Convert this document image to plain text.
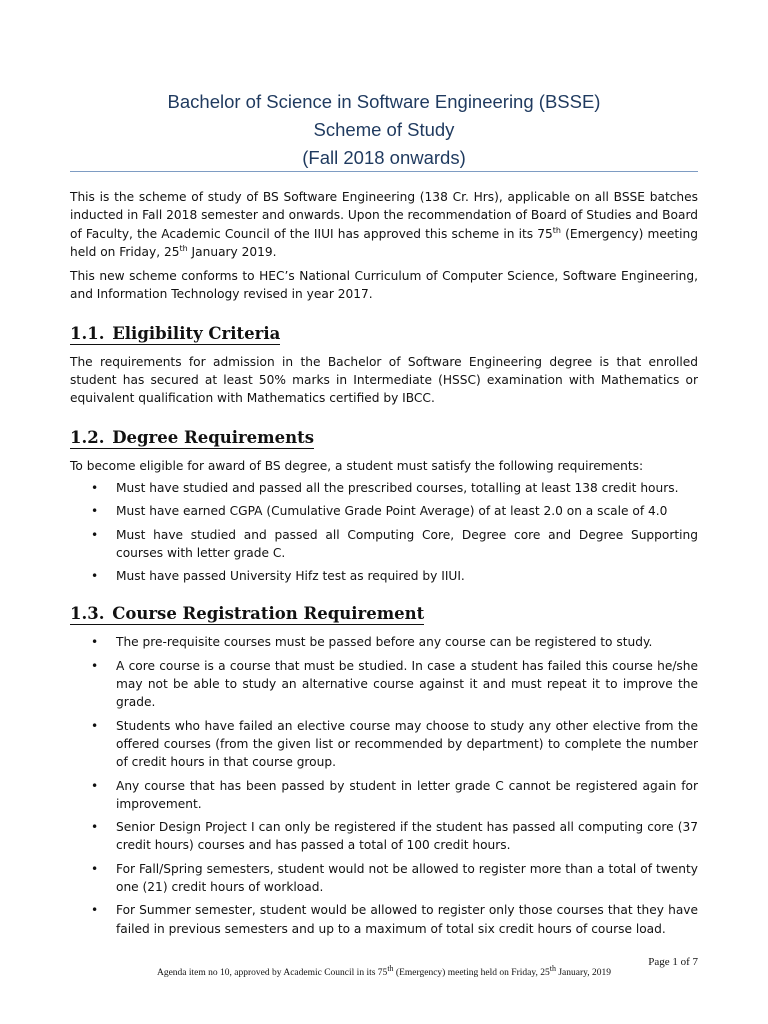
Bachelor of Science in Software Engineering (BSSE)
Scheme of Study
(Fall 2018 onwards)

This is the scheme of study of BS Software Engineering (138 Cr. Hrs), applicable on all BSSE batches inducted in Fall 2018 semester and onwards. Upon the recommendation of Board of Studies and Board of Faculty, the Academic Council of the IIUI has approved this scheme in its 75th (Emergency) meeting held on Friday, 25th January 2019.

This new scheme conforms to HEC’s National Curriculum of Computer Science, Software Engineering, and Information Technology revised in year 2017.

1.1. Eligibility Criteria

The requirements for admission in the Bachelor of Software Engineering degree is that enrolled student has secured at least 50% marks in Intermediate (HSSC) examination with Mathematics or equivalent qualification with Mathematics certified by IBCC.

1.2. Degree Requirements

To become eligible for award of BS degree, a student must satisfy the following requirements:

• Must have studied and passed all the prescribed courses, totalling at least 138 credit hours.
• Must have earned CGPA (Cumulative Grade Point Average) of at least 2.0 on a scale of 4.0
• Must have studied and passed all Computing Core, Degree core and Degree Supporting courses with letter grade C.
• Must have passed University Hifz test as required by IIUI.
1.3. Course Registration Requirement
• The pre-requisite courses must be passed before any course can be registered to study.
• A core course is a course that must be studied. In case a student has failed this course he/she may not be able to study an alternative course against it and must repeat it to improve the grade.
• Students who have failed an elective course may choose to study any other elective from the offered courses (from the given list or recommended by department) to complete the number of credit hours in that course group.
• Any course that has been passed by student in letter grade C cannot be registered again for improvement.
• Senior Design Project I can only be registered if the student has passed all computing core (37 credit hours) courses and has passed a total of 100 credit hours.
• For Fall/Spring semesters, student would not be allowed to register more than a total of twenty one (21) credit hours of workload.
• For Summer semester, student would be allowed to register only those courses that they have failed in previous semesters and up to a maximum of total six credit hours of course load.
Page 1 of 7
Agenda item no 10, approved by Academic Council in its 75th (Emergency) meeting held on Friday, 25th January, 2019
